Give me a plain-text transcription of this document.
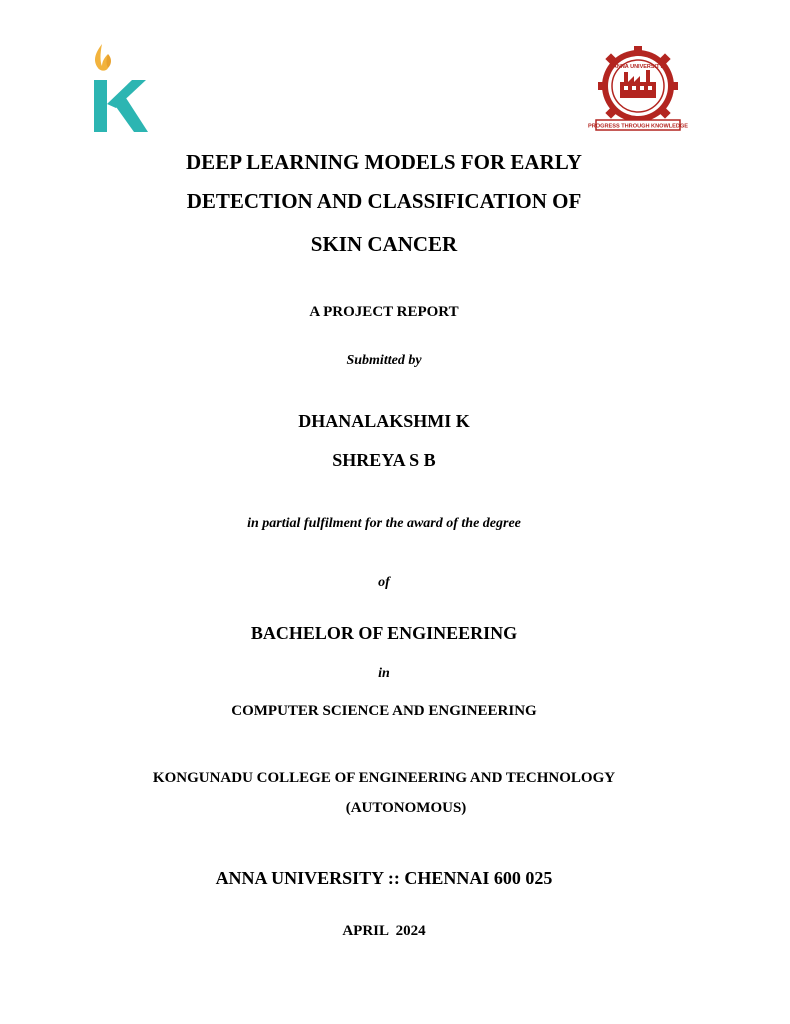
ANNA UNIVERSITY
PROGRESS THROUGH KNOWLEDGE
DEEP LEARNING MODELS FOR EARLY
DETECTION AND CLASSIFICATION OF
SKIN CANCER
A PROJECT REPORT
Submitted by
DHANALAKSHMI K
SHREYA S B
in partial fulfilment for the award of the degree
of
BACHELOR OF ENGINEERING
in
COMPUTER SCIENCE AND ENGINEERING
KONGUNADU COLLEGE OF ENGINEERING AND TECHNOLOGY
(AUTONOMOUS)
ANNA UNIVERSITY :: CHENNAI 600 025
APRIL  2024
